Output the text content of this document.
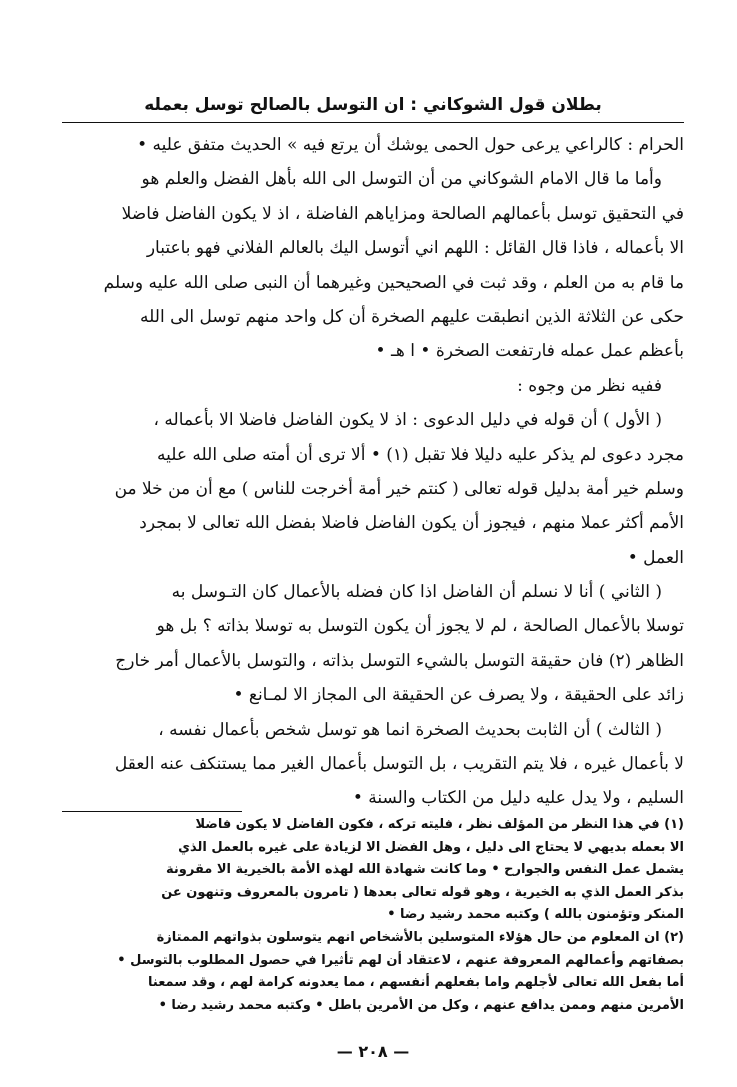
بطلان قول الشوكاني : ان التوسل بالصالح توسل بعمله
الحرام : كالراعي يرعى حول الحمى يوشك أن يرتع فيه » الحديث متفق عليه •
وأما ما قال الامام الشوكاني من أن التوسل الى الله بأهل الفضل والعلم هو
في التحقيق توسل بأعمالهم الصالحة ومزاياهم الفاضلة ، اذ لا يكون الفاضل فاضلا
الا بأعماله ، فاذا قال القائل : اللهم اني أتوسل اليك بالعالم الفلاني فهو باعتبار
ما قام به من العلم ، وقد ثبت في الصحيحين وغيرهما أن النبى صلى الله عليه وسلم
حكى عن الثلاثة الذين انطبقت عليهم الصخرة أن كل واحد منهم توسل الى الله
بأعظم عمل عمله فارتفعت الصخرة • ا هـ •
ففيه نظر من وجوه :
( الأول ) أن قوله في دليل الدعوى : اذ لا يكون الفاضل فاضلا الا بأعماله ،
مجرد دعوى لم يذكر عليه دليلا فلا تقبل (١) • ألا ترى أن أمته صلى الله عليه
وسلم خير أمة بدليل قوله تعالى ( كنتم خير أمة أخرجت للناس ) مع أن من خلا من
الأمم أكثر عملا منهم ، فيجوز أن يكون الفاضل فاضلا بفضل الله تعالى لا بمجرد
العمل •
( الثاني ) أنا لا نسلم أن الفاضل اذا كان فضله بالأعمال كان التـوسل به
توسلا بالأعمال الصالحة ، لم لا يجوز أن يكون التوسل به توسلا بذاته ؟ بل هو
الظاهر (٢) فان حقيقة التوسل بالشيء التوسل بذاته ، والتوسل بالأعمال أمر خارج
زائد على الحقيقة ، ولا يصرف عن الحقيقة الى المجاز الا لمـانع •
( الثالث ) أن الثابت بحديث الصخرة انما هو توسل شخص بأعمال نفسه ،
لا بأعمال غيره ، فلا يتم التقريب ، بل التوسل بأعمال الغير مما يستنكف عنه العقل
السليم ، ولا يدل عليه دليل من الكتاب والسنة •
(١) في هذا النظر من المؤلف نظر ، فليته تركه ، فكون الفاضل لا يكون فاضلا
الا بعمله بديهي لا يحتاج الى دليل ، وهل الفضل الا لزيادة على غيره بالعمل الذي
يشمل عمل النفس والجوارح • وما كانت شهادة الله لهذه الأمة بالخيرية الا مقرونة
بذكر العمل الذي به الخيرية ، وهو قوله تعالى بعدها ( تامرون بالمعروف وتنهون عن
المنكر وتؤمنون بالله ) وكتبه محمد رشيد رضا •
(٢) ان المعلوم من حال هؤلاء المتوسلين بالأشخاص انهم يتوسلون بذواتهم الممتازة
بصفاتهم وأعمالهم المعروفة عنهم ، لاعتقاد أن لهم تأثيرا في حصول المطلوب بالتوسل •
أما بفعل الله تعالى لأجلهم واما بفعلهم أنفسهم ، مما يعدونه كرامة لهم ، وقد سمعنا
الأمرين منهم وممن يدافع عنهم ، وكل من الأمرين باطل • وكتبه محمد رشيد رضا •
— ٢٠٨ —
